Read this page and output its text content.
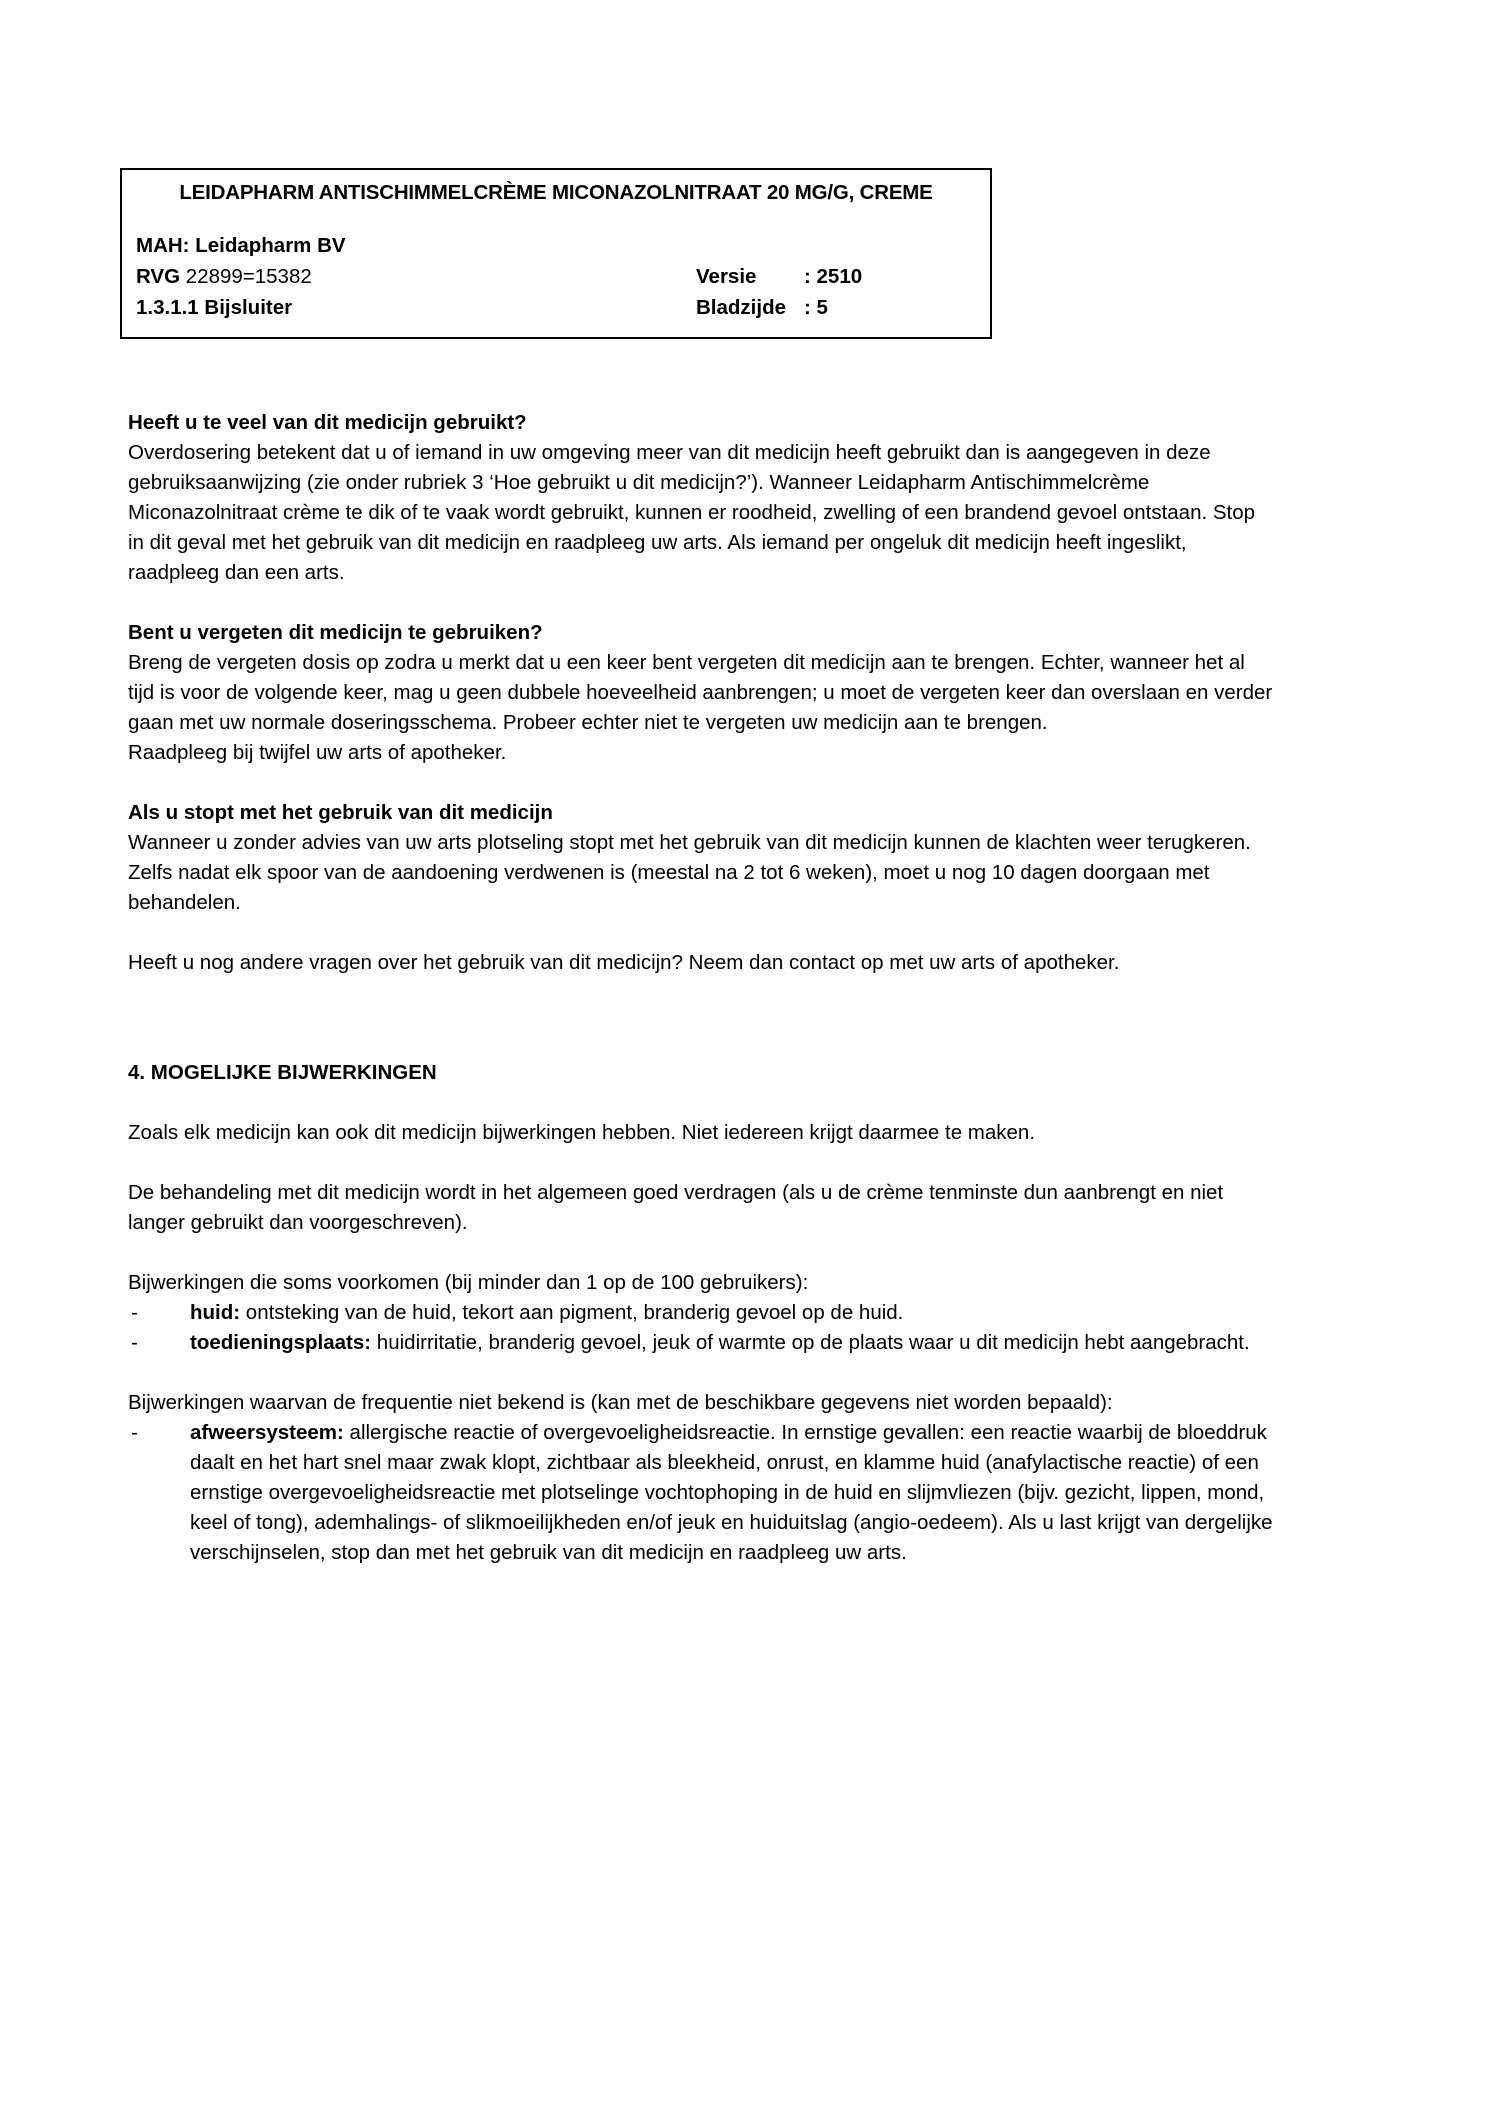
LEIDAPHARM ANTISCHIMMELCRÈME MICONAZOLNITRAAT 20 MG/G, CREME
MAH: Leidapharm BV
RVG 22899=15382	Versie	: 2510
1.3.1.1 Bijsluiter	Bladzijde : 5
Heeft u te veel van dit medicijn gebruikt?

Overdosering betekent dat u of iemand in uw omgeving meer van dit medicijn heeft gebruikt dan is aangegeven in deze gebruiksaanwijzing (zie onder rubriek 3 ‘Hoe gebruikt u dit medicijn?’). Wanneer Leidapharm Antischimmelcrème Miconazolnitraat crème te dik of te vaak wordt gebruikt, kunnen er roodheid, zwelling of een brandend gevoel ontstaan. Stop in dit geval met het gebruik van dit medicijn en raadpleeg uw arts. Als iemand per ongeluk dit medicijn heeft ingeslikt, raadpleeg dan een arts.

Bent u vergeten dit medicijn te gebruiken?

Breng de vergeten dosis op zodra u merkt dat u een keer bent vergeten dit medicijn aan te brengen. Echter, wanneer het al tijd is voor de volgende keer, mag u geen dubbele hoeveelheid aanbrengen; u moet de vergeten keer dan overslaan en verder gaan met uw normale doseringsschema. Probeer echter niet te vergeten uw medicijn aan te brengen.

Raadpleeg bij twijfel uw arts of apotheker.

Als u stopt met het gebruik van dit medicijn

Wanneer u zonder advies van uw arts plotseling stopt met het gebruik van dit medicijn kunnen de klachten weer terugkeren. Zelfs nadat elk spoor van de aandoening verdwenen is (meestal na 2 tot 6 weken), moet u nog 10 dagen doorgaan met behandelen.

Heeft u nog andere vragen over het gebruik van dit medicijn? Neem dan contact op met uw arts of apotheker.

4. MOGELIJKE BIJWERKINGEN

Zoals elk medicijn kan ook dit medicijn bijwerkingen hebben. Niet iedereen krijgt daarmee te maken.

De behandeling met dit medicijn wordt in het algemeen goed verdragen (als u de crème tenminste dun aanbrengt en niet langer gebruikt dan voorgeschreven).

Bijwerkingen die soms voorkomen (bij minder dan 1 op de 100 gebruikers):

-	huid: ontsteking van de huid, tekort aan pigment, branderig gevoel op de huid.
-	toedieningsplaats: huidirritatie, branderig gevoel, jeuk of warmte op de plaats waar u dit medicijn hebt aangebracht.

Bijwerkingen waarvan de frequentie niet bekend is (kan met de beschikbare gegevens niet worden bepaald):

-	afweersysteem: allergische reactie of overgevoeligheidsreactie. In ernstige gevallen: een reactie waarbij de bloeddruk daalt en het hart snel maar zwak klopt, zichtbaar als bleekheid, onrust, en klamme huid (anafylactische reactie) of een ernstige overgevoeligheidsreactie met plotselinge vochtophoping in de huid en slijmvliezen (bijv. gezicht, lippen, mond, keel of tong), ademhalings- of slikmoeilijkheden en/of jeuk en huiduitslag (angio-oedeem). Als u last krijgt van dergelijke verschijnselen, stop dan met het gebruik van dit medicijn en raadpleeg uw arts.
